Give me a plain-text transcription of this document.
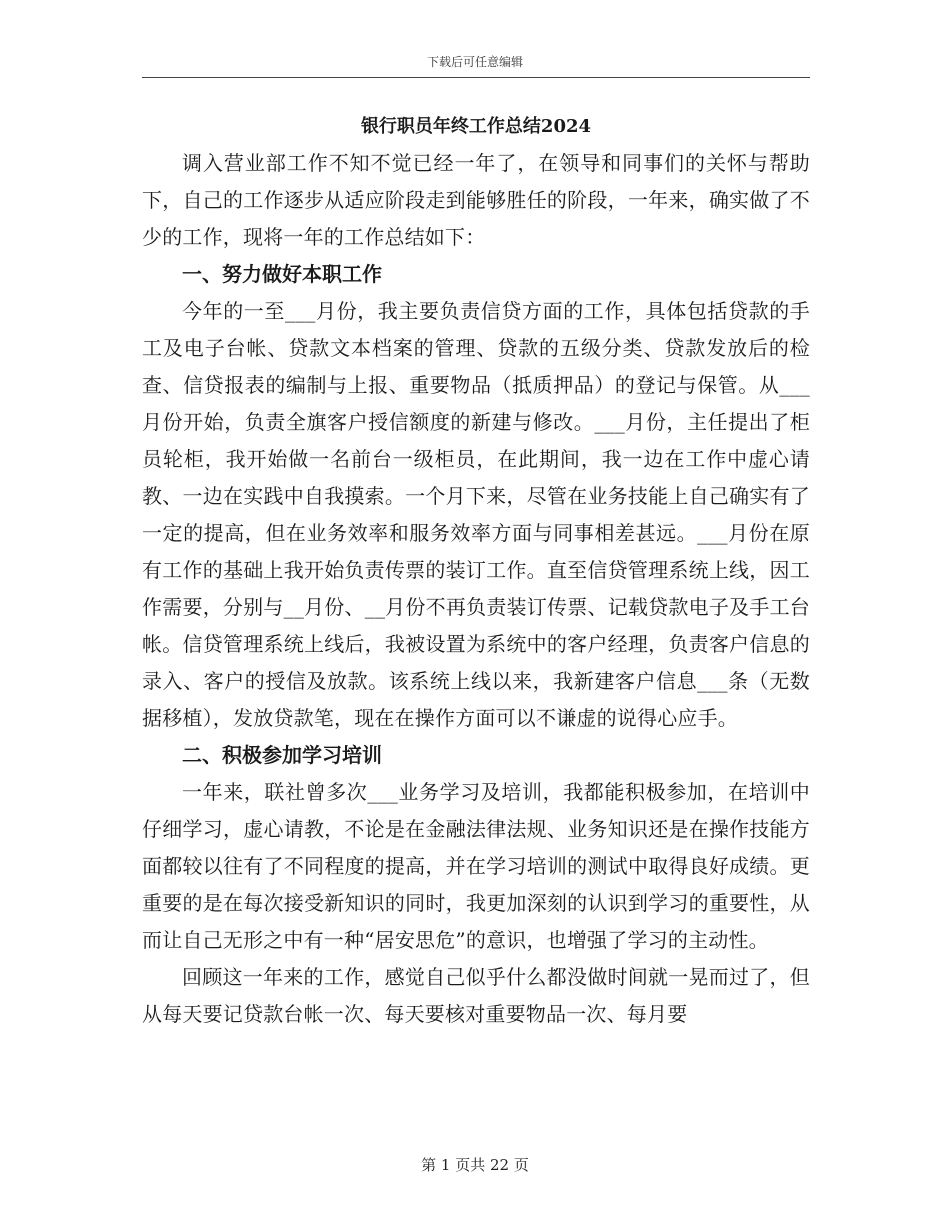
下载后可任意编辑
银行职员年终工作总结2024

调入营业部工作不知不觉已经一年了，在领导和同事们的关怀与帮助下，自己的工作逐步从适应阶段走到能够胜任的阶段，一年来，确实做了不少的工作，现将一年的工作总结如下：

一、努力做好本职工作

今年的一至___月份，我主要负责信贷方面的工作，具体包括贷款的手工及电子台帐、贷款文本档案的管理、贷款的五级分类、贷款发放后的检查、信贷报表的编制与上报、重要物品（抵质押品）的登记与保管。从___月份开始，负责全旗客户授信额度的新建与修改。___月份，主任提出了柜员轮柜，我开始做一名前台一级柜员，在此期间，我一边在工作中虚心请教、一边在实践中自我摸索。一个月下来，尽管在业务技能上自己确实有了一定的提高，但在业务效率和服务效率方面与同事相差甚远。___月份在原有工作的基础上我开始负责传票的装订工作。直至信贷管理系统上线，因工作需要，分别与__月份、__月份不再负责装订传票、记载贷款电子及手工台帐。信贷管理系统上线后，我被设置为系统中的客户经理，负责客户信息的录入、客户的授信及放款。该系统上线以来，我新建客户信息___条（无数据移植），发放贷款笔，现在在操作方面可以不谦虚的说得心应手。

二、积极参加学习培训

一年来，联社曾多次___业务学习及培训，我都能积极参加，在培训中仔细学习，虚心请教，不论是在金融法律法规、业务知识还是在操作技能方面都较以往有了不同程度的提高，并在学习培训的测试中取得良好成绩。更重要的是在每次接受新知识的同时，我更加深刻的认识到学习的重要性，从而让自己无形之中有一种“居安思危”的意识，也增强了学习的主动性。

回顾这一年来的工作，感觉自己似乎什么都没做时间就一晃而过了，但从每天要记贷款台帐一次、每天要核对重要物品一次、每月要

第 1 页共 22 页
